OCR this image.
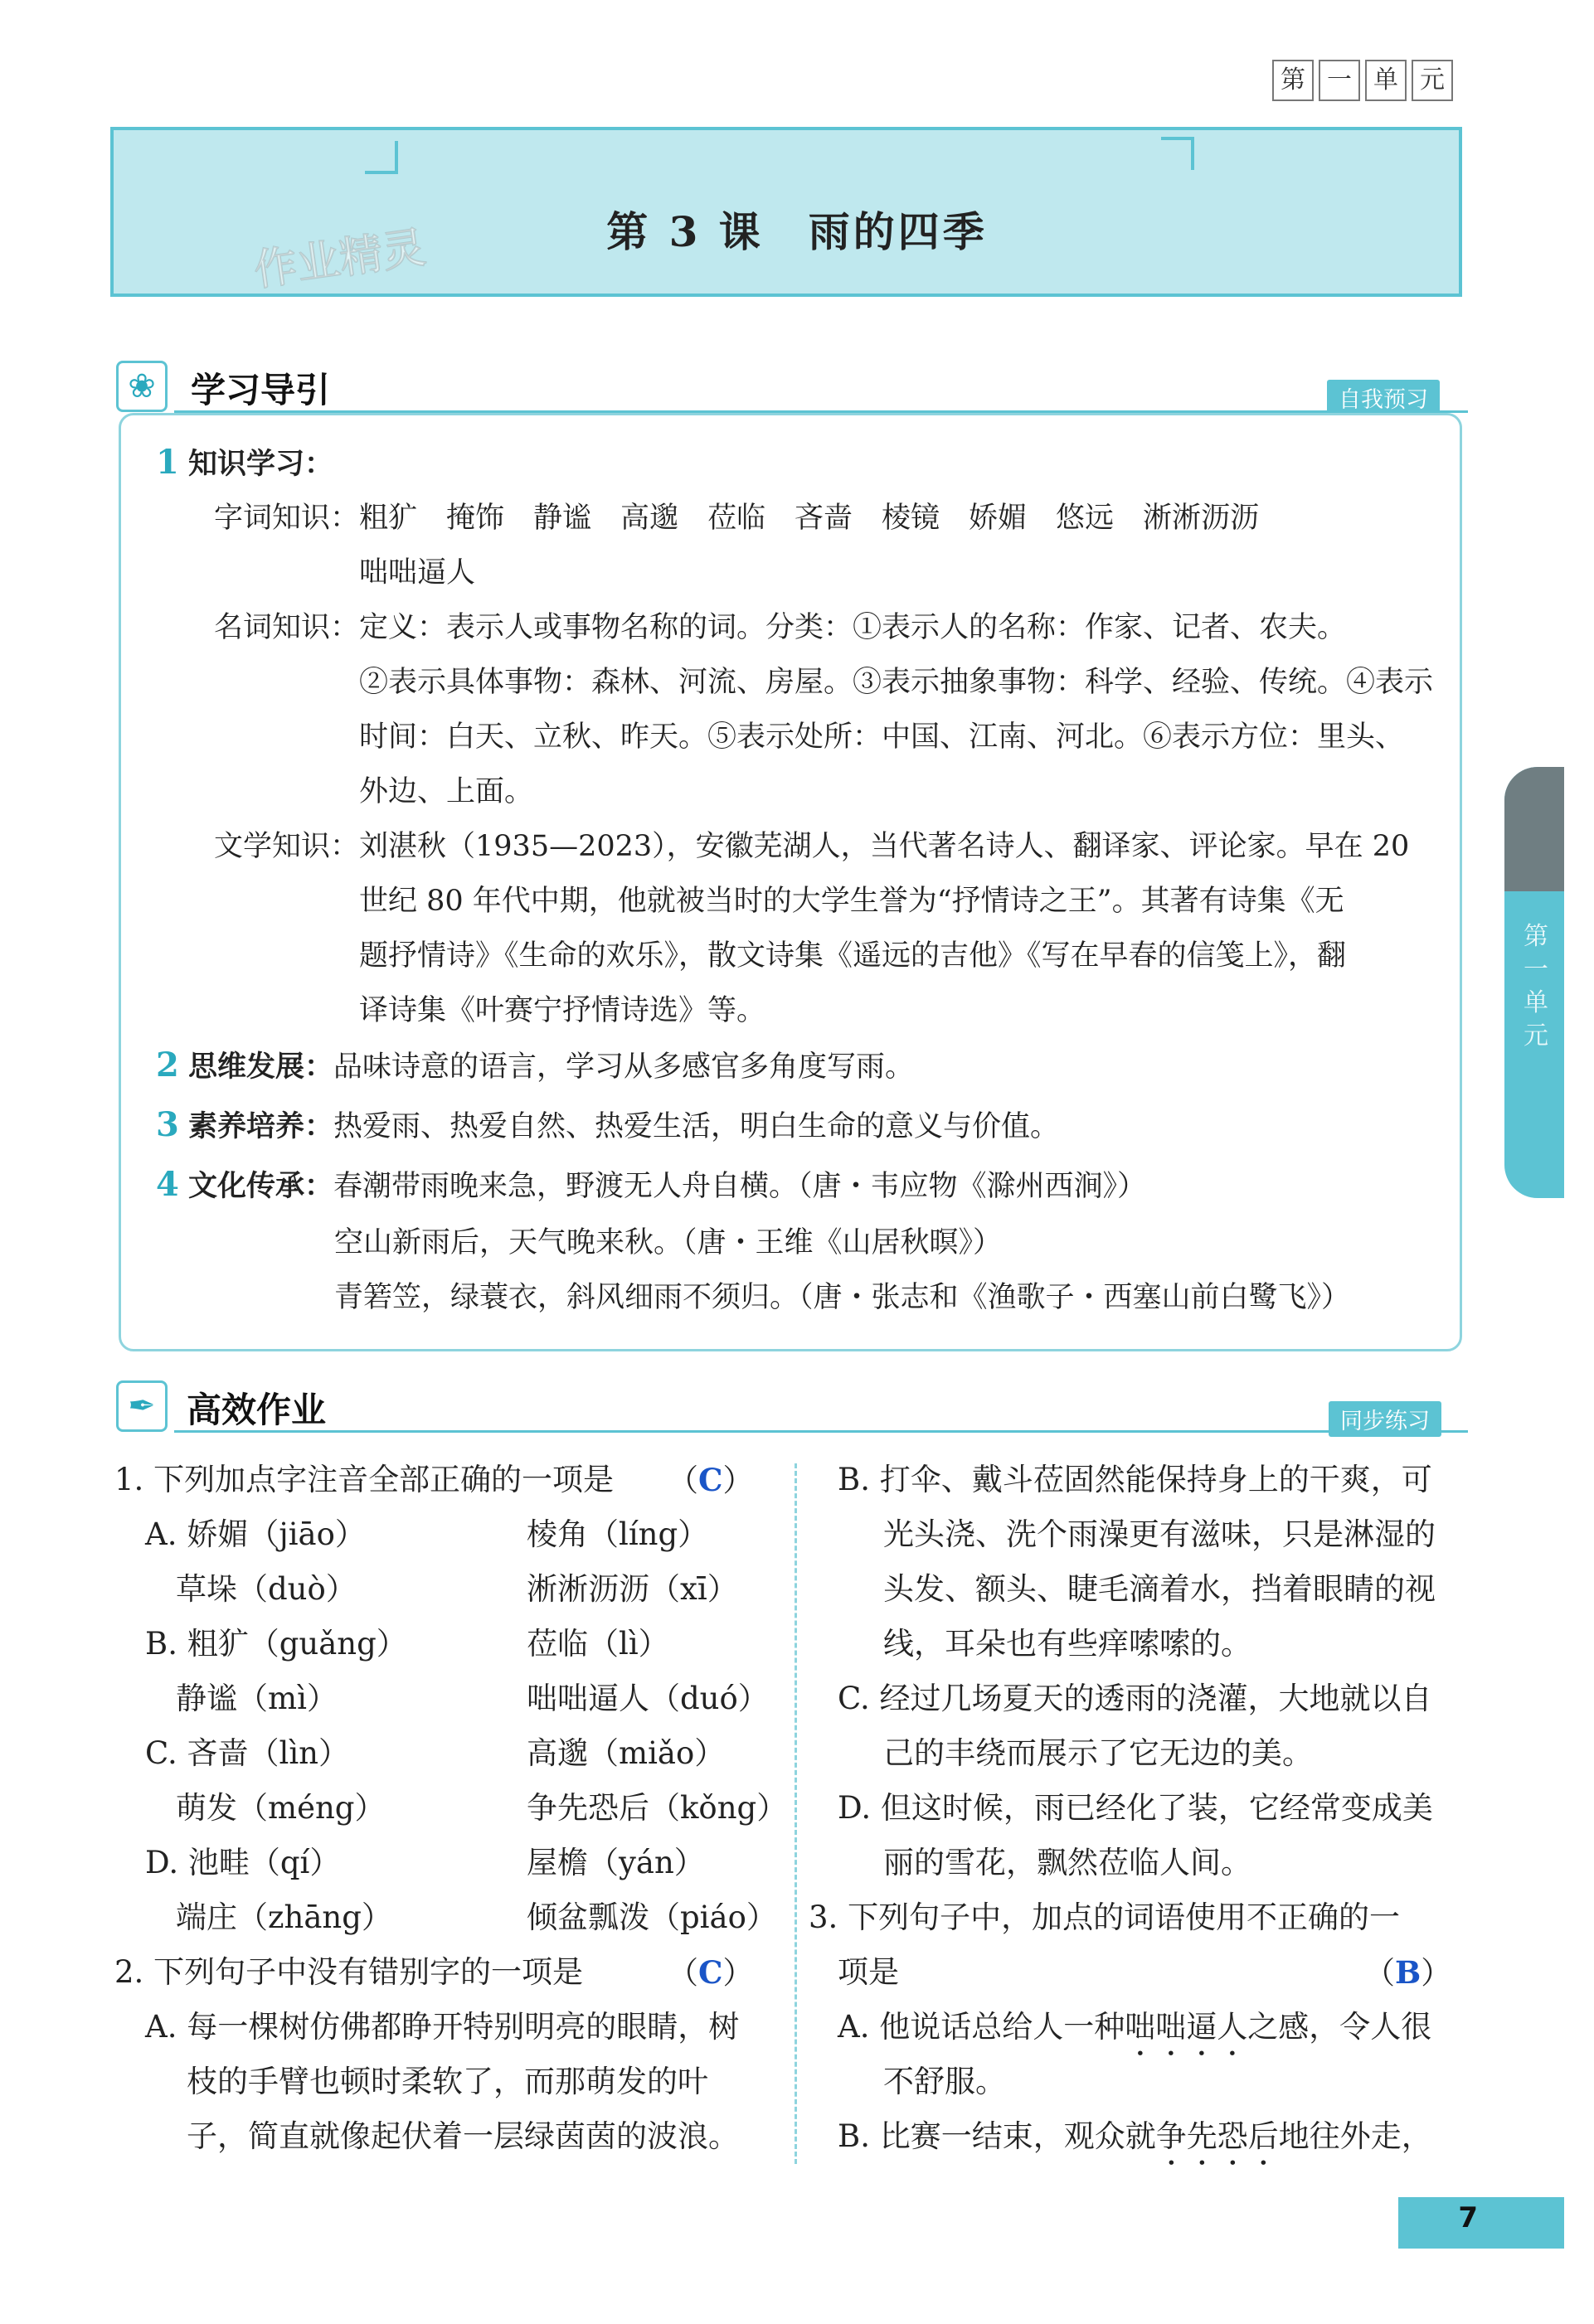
第 一 单 元
第 3 课　雨的四季
作业精灵
❀	学习导引	自我预习
1 知识学习：
字词知识：粗犷　掩饰　静谧　高邈　莅临　吝啬　棱镜　娇媚　悠远　淅淅沥沥
咄咄逼人
名词知识：定义：表示人或事物名称的词。分类：①表示人的名称：作家、记者、农夫。
②表示具体事物：森林、河流、房屋。③表示抽象事物：科学、经验、传统。④表示
时间：白天、立秋、昨天。⑤表示处所：中国、江南、河北。⑥表示方位：里头、
外边、上面。
文学知识：刘湛秋（1935—2023），安徽芜湖人，当代著名诗人、翻译家、评论家。早在 20
世纪 80 年代中期，他就被当时的大学生誉为“抒情诗之王”。其著有诗集《无
题抒情诗》《生命的欢乐》，散文诗集《遥远的吉他》《写在早春的信笺上》，翻
译诗集《叶赛宁抒情诗选》等。
2 思维发展：品味诗意的语言，学习从多感官多角度写雨。
3 素养培养：热爱雨、热爱自然、热爱生活，明白生命的意义与价值。
4 文化传承：春潮带雨晚来急，野渡无人舟自横。（唐・韦应物《滁州西涧》）
空山新雨后，天气晚来秋。（唐・王维《山居秋暝》）
青箬笠，绿蓑衣，斜风细雨不须归。（唐・张志和《渔歌子・西塞山前白鹭飞》）
✒ 高效作业	同步练习
1. 下列加点字注音全部正确的一项是 （C）
A. 娇媚（jiāo）	棱角（líng）
　草垛（duò）	淅淅沥沥（xī）
B. 粗犷（guǎng）	莅临（lì）
　静谧（mì）	咄咄逼人（duó）
C. 吝啬（lìn）	高邈（miǎo）
　萌发（méng）	争先恐后（kǒng）
D. 池畦（qí）	屋檐（yán）
　端庄（zhāng）	倾盆瓢泼（piáo）
2. 下列句子中没有错别字的一项是	（C）
A. 每一棵树仿佛都睁开特别明亮的眼睛，树
枝的手臂也顿时柔软了，而那萌发的叶
子，简直就像起伏着一层绿茵茵的波浪。
B. 打伞、戴斗莅固然能保持身上的干爽，可
光头浇、洗个雨澡更有滋味，只是淋湿的
头发、额头、睫毛滴着水，挡着眼睛的视
线，耳朵也有些痒嗦嗦的。
C. 经过几场夏天的透雨的浇灌，大地就以自
己的丰绕而展示了它无边的美。
D. 但这时候，雨已经化了装，它经常变成美
丽的雪花，飘然莅临人间。
3. 下列句子中，加点的词语使用不正确的一
项是	（B）
A. 他说话总给人一种咄咄逼人之感，令人很
不舒服。
B. 比赛一结束，观众就争先恐后地往外走，
第一单元
7
